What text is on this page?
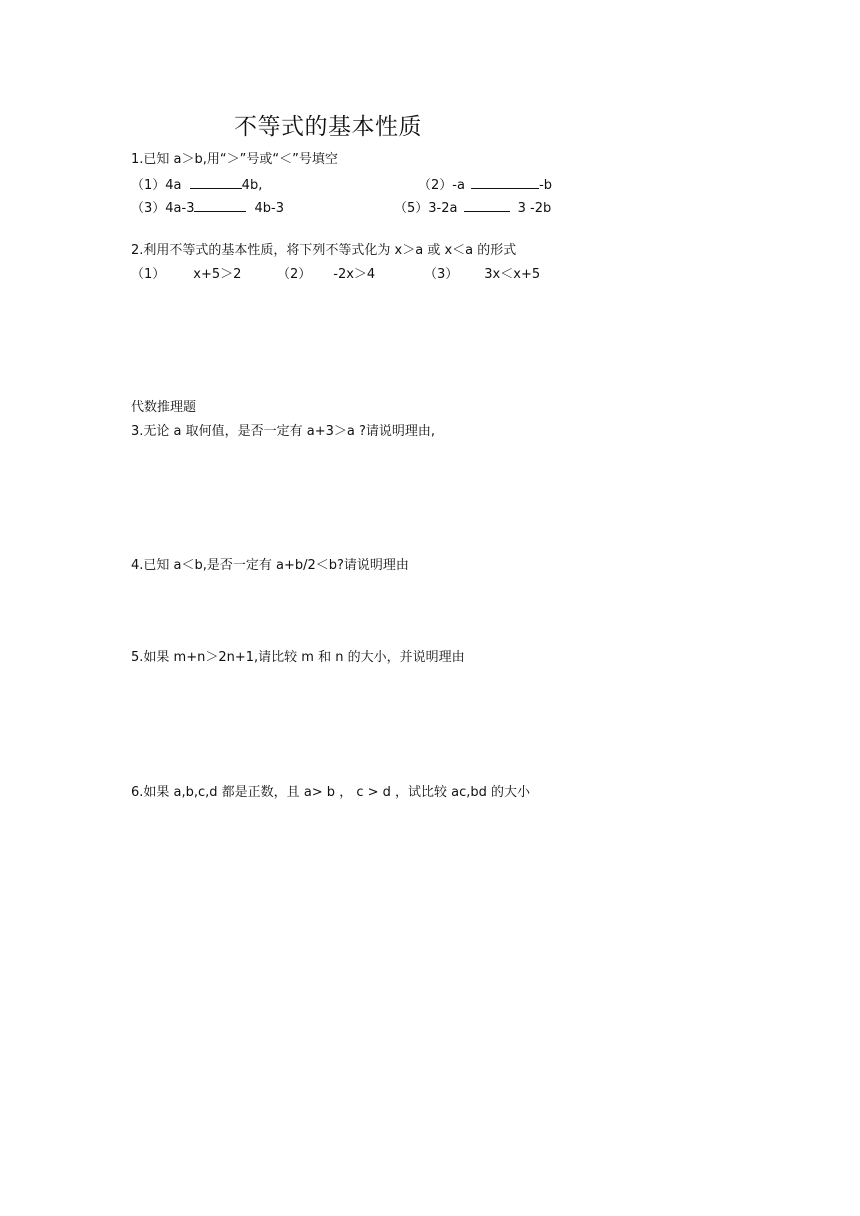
不等式的基本性质
1.已知 a＞b,用“＞”号或“＜”号填空
（1）4a	4b,	（2）-a	-b
（3）4a-3	4b-3	（5）3-2a	3 -2b
2.利用不等式的基本性质，将下列不等式化为 x＞a 或 x＜a 的形式
（1） x+5＞2	（2） -2x＞4	（3） 3x＜x+5
代数推理题
3.无论 a 取何值，是否一定有 a+3＞a ?请说明理由,
4.已知 a＜b,是否一定有 a+b/2＜b?请说明理由
5.如果 m+n＞2n+1,请比较 m 和 n 的大小，并说明理由
6.如果 a,b,c,d 都是正数，且 a> b ， c > d ，试比较 ac,bd 的大小
